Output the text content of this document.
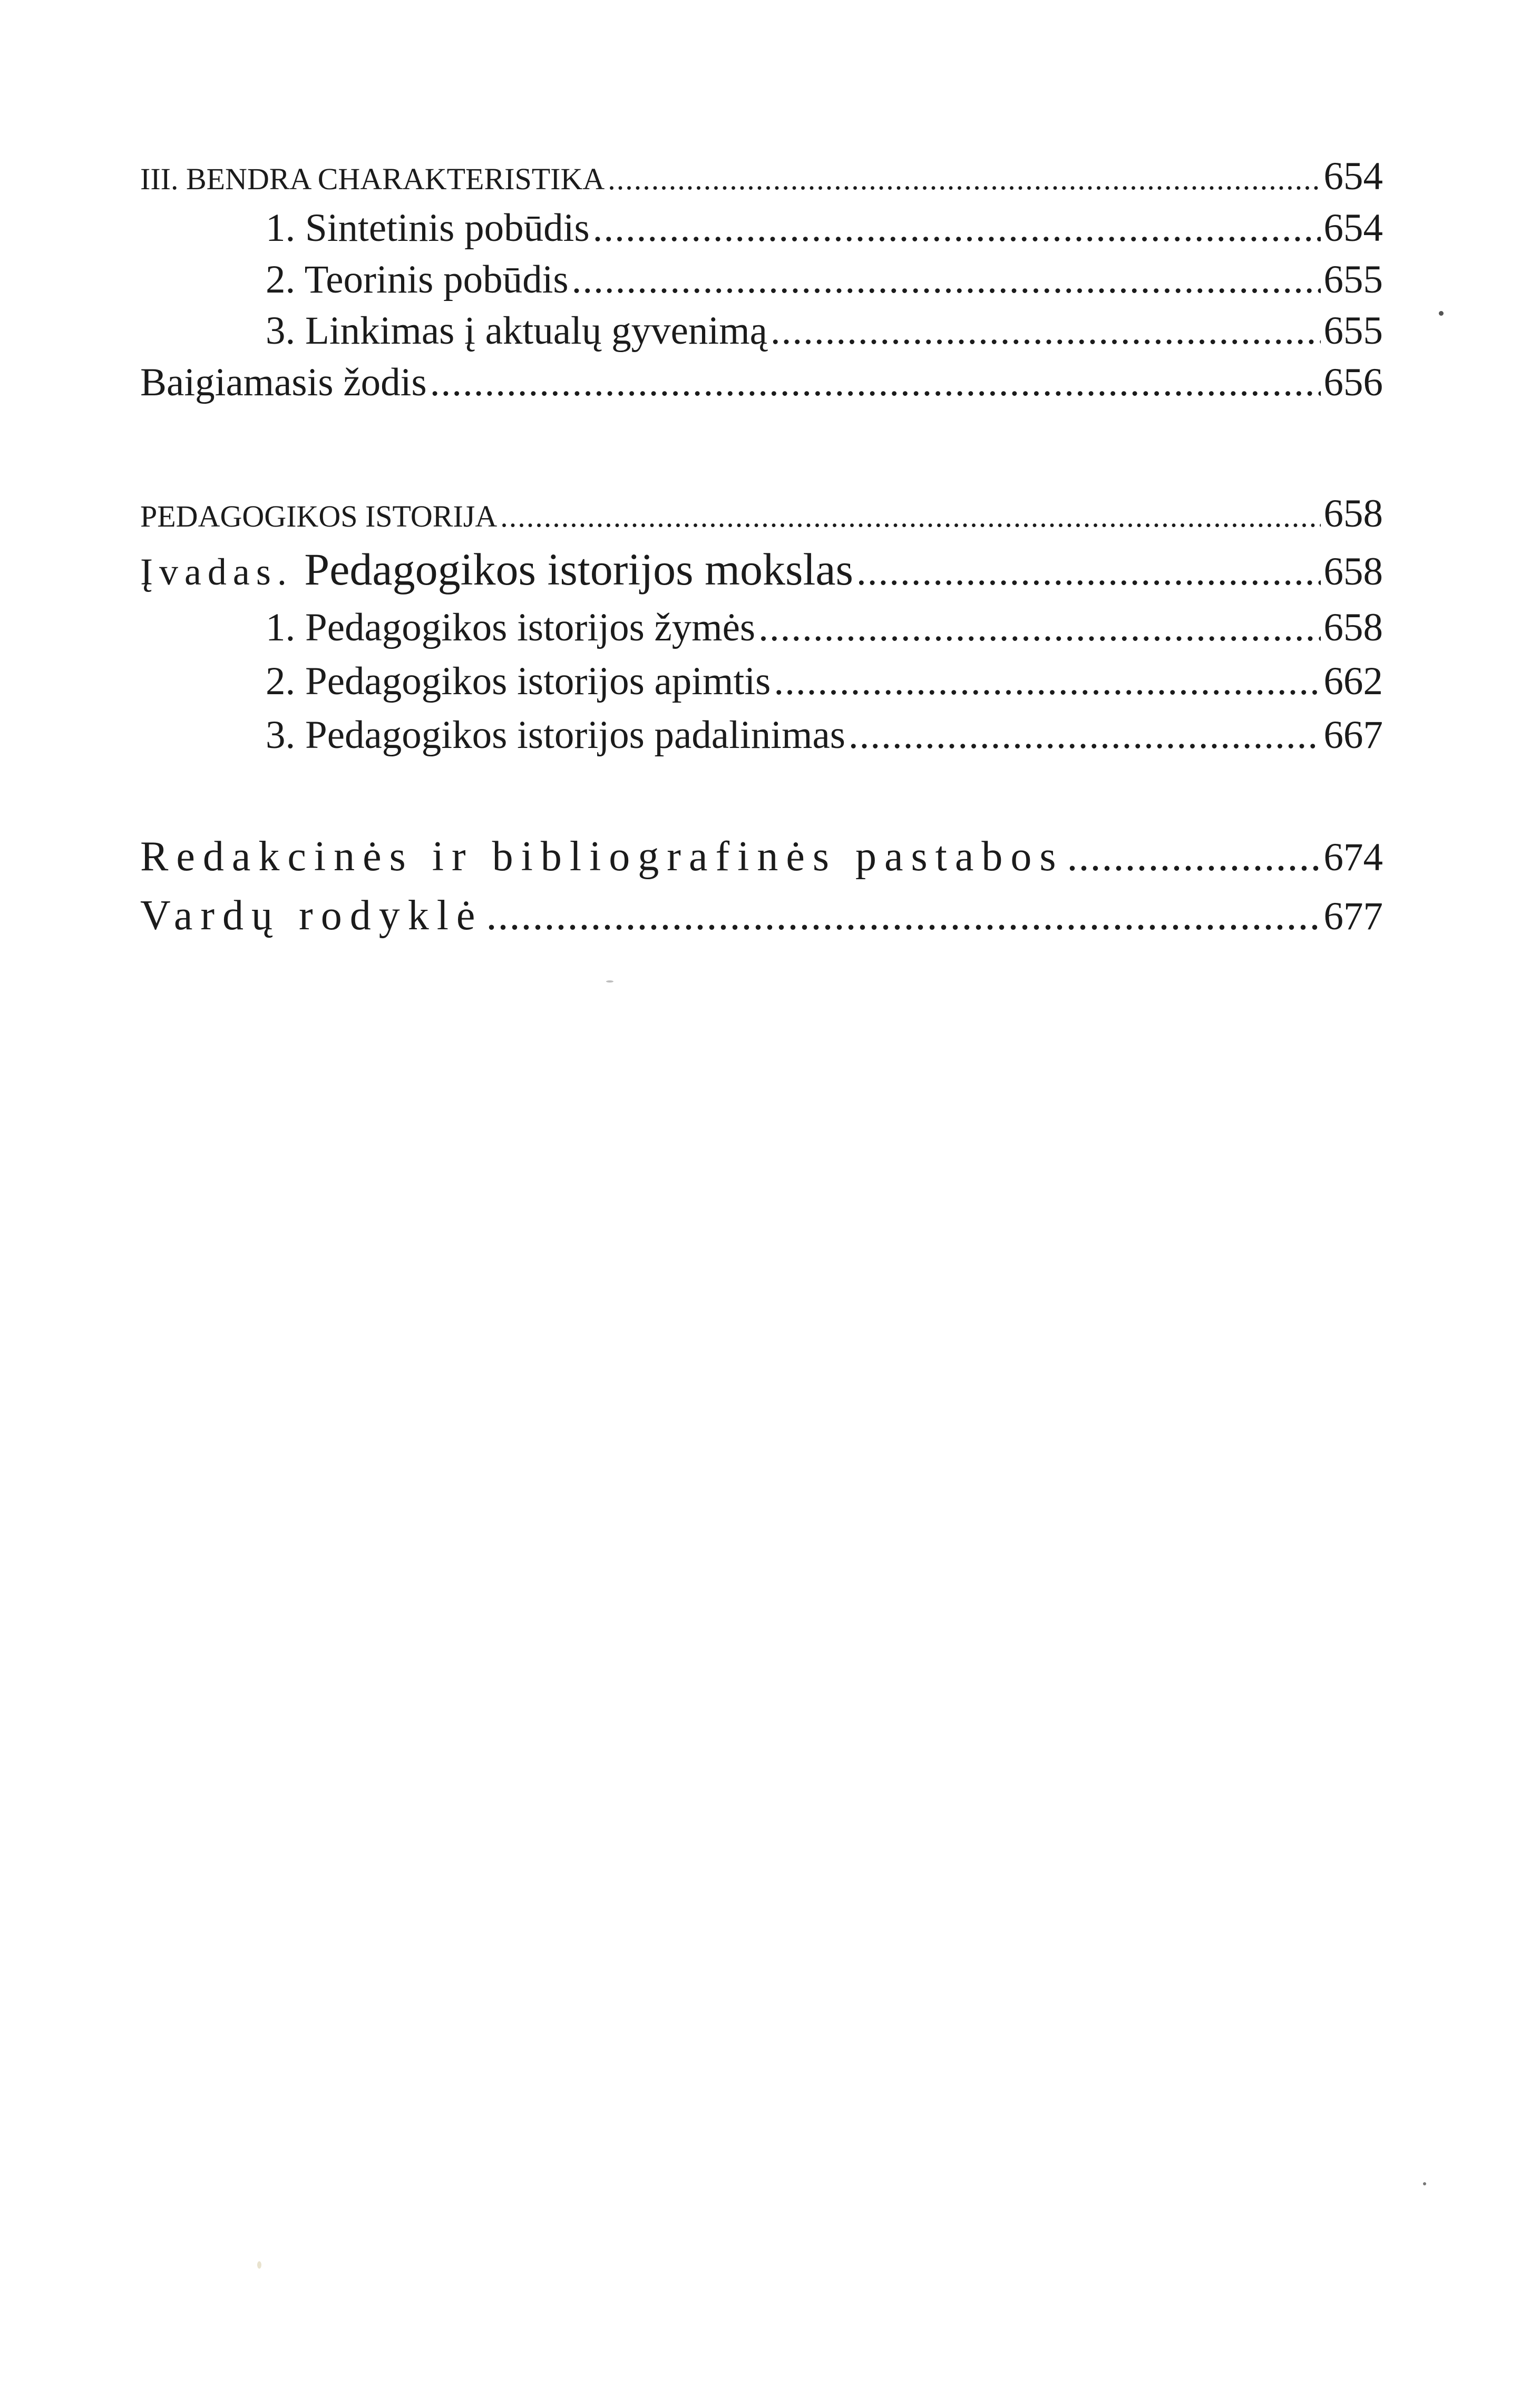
III. BENDRA CHARAKTERISTIKA .....	654
1. Sintetinis pobūdis .....	654
2. Teorinis pobūdis .....	655
3. Linkimas į aktualų gyvenimą .....	655
Baigiamasis žodis .....	656
PEDAGOGIKOS ISTORIJA .....	658
Įvadas. Pedagogikos istorijos mokslas .....	658
1. Pedagogikos istorijos žymės .....	658
2. Pedagogikos istorijos apimtis .....	662
3. Pedagogikos istorijos padalinimas .....	667
Redakcinės ir bibliografinės pastabos .....	674
Vardų rodyklė .....	677
